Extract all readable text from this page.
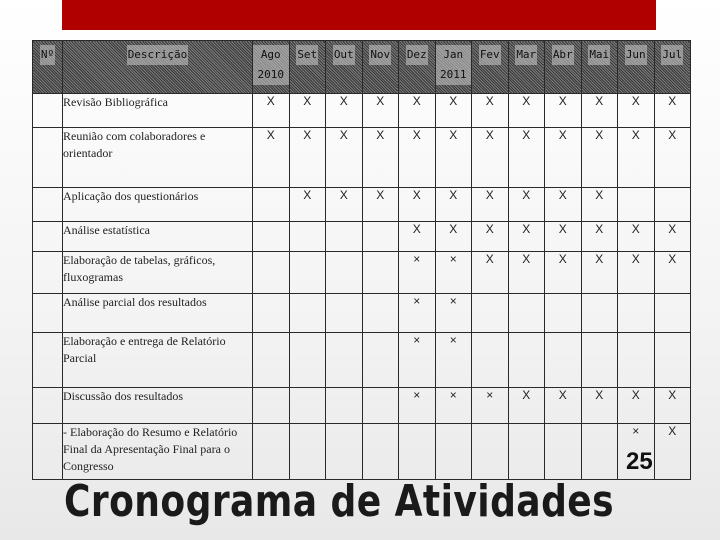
Nº	Descrição	Ago 2010	Set	Out	Nov	Dez	Jan 2011	Fev	Mar	Abr	Mai	Jun	Jul
	Revisão Bibliográfica	X	X	X	X	X	X	X	X	X	X	X	X
	Reunião com colaboradores e orientador	X	X	X	X	X	X	X	X	X	X	X	X
	Aplicação dos questionários		X	X	X	X	X	X	X	X	X		
	Análise estatística					X	X	X	X	X	X	X	X
	Elaboração de tabelas, gráficos, fluxogramas					×	×	X	X	X	X	X	X
	Análise parcial dos resultados					×	×						
	Elaboração e entrega de Relatório Parcial					×	×						
	Discussão dos resultados					×	×	×	X	X	X	X	X
	- Elaboração do Resumo e Relatório Final da Apresentação Final para o Congresso											×	X
25
Cronograma de Atividades
